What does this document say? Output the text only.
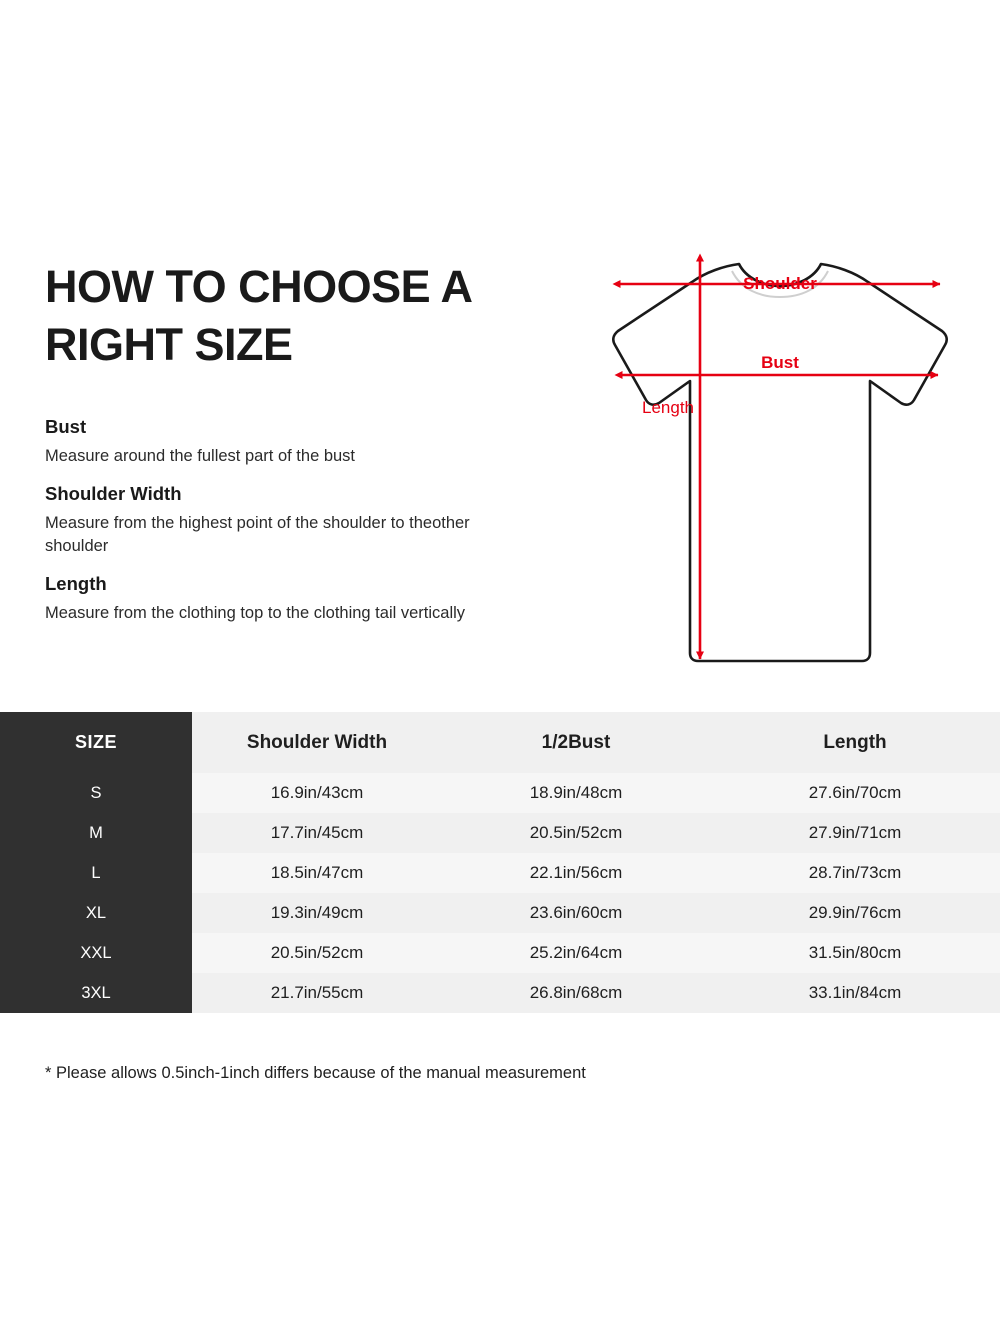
HOW TO CHOOSE A RIGHT SIZE
Bust
Measure around the fullest part of the bust
Shoulder Width
Measure from the highest point of the shoulder to theother shoulder
Length
Measure from the clothing top to the clothing tail vertically
Shoulder
Bust
Length
SIZE	Shoulder Width	1/2Bust	Length
S	16.9in/43cm	18.9in/48cm	27.6in/70cm
M	17.7in/45cm	20.5in/52cm	27.9in/71cm
L	18.5in/47cm	22.1in/56cm	28.7in/73cm
XL	19.3in/49cm	23.6in/60cm	29.9in/76cm
XXL	20.5in/52cm	25.2in/64cm	31.5in/80cm
3XL	21.7in/55cm	26.8in/68cm	33.1in/84cm
* Please allows 0.5inch-1inch differs because of the manual measurement
